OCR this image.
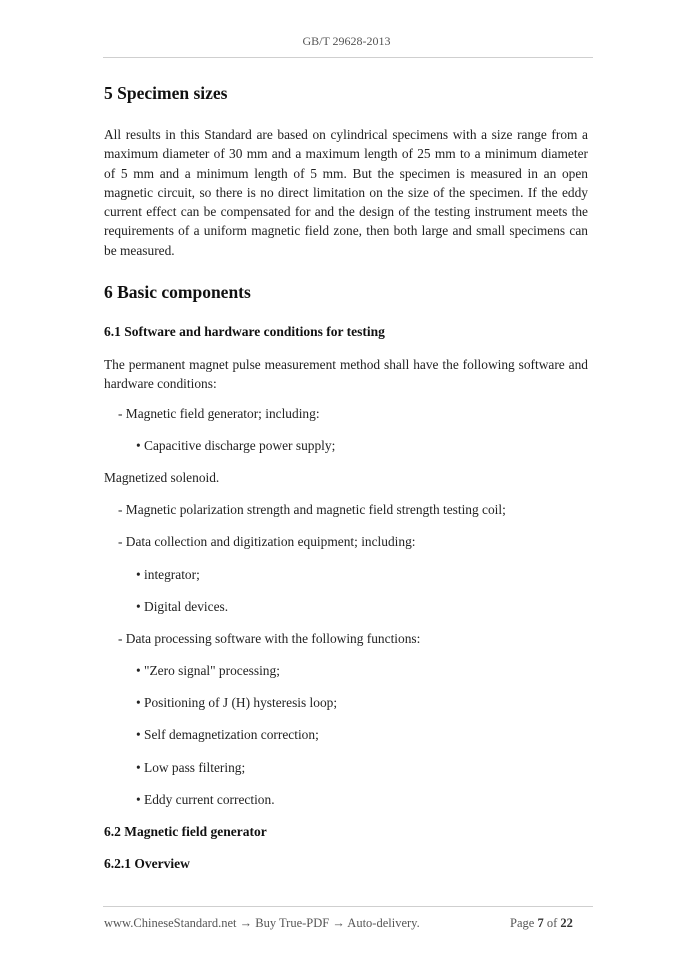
GB/T 29628-2013
5 Specimen sizes
All results in this Standard are based on cylindrical specimens with a size range from a maximum diameter of 30 mm and a maximum length of 25 mm to a minimum diameter of 5 mm and a minimum length of 5 mm. But the specimen is measured in an open magnetic circuit, so there is no direct limitation on the size of the specimen. If the eddy current effect can be compensated for and the design of the testing instrument meets the requirements of a uniform magnetic field zone, then both large and small specimens can be measured.
6 Basic components
6.1 Software and hardware conditions for testing
The permanent magnet pulse measurement method shall have the following software and hardware conditions:
- Magnetic field generator; including:
• Capacitive discharge power supply;
Magnetized solenoid.
- Magnetic polarization strength and magnetic field strength testing coil;
- Data collection and digitization equipment; including:
• integrator;
• Digital devices.
- Data processing software with the following functions:
• "Zero signal" processing;
• Positioning of J (H) hysteresis loop;
• Self demagnetization correction;
• Low pass filtering;
• Eddy current correction.
6.2 Magnetic field generator
6.2.1 Overview
www.ChineseStandard.net → Buy True-PDF → Auto-delivery.	Page 7 of 22
